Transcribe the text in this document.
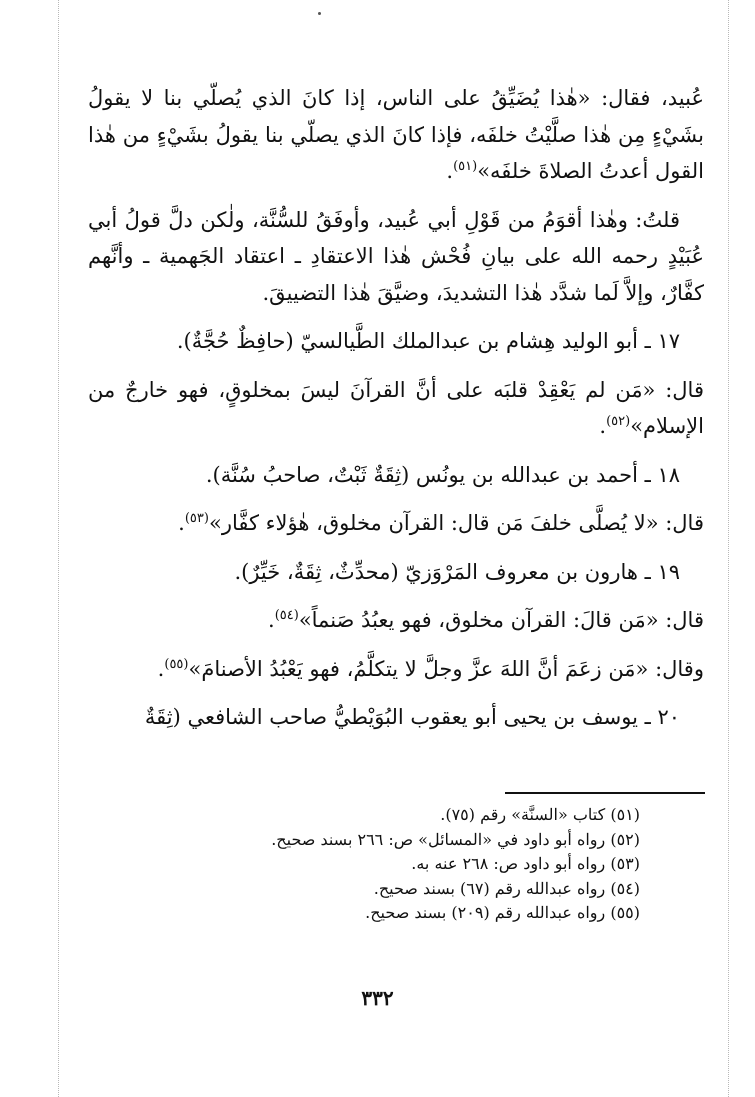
عُبيد، فقال: «هٰذا يُضَيِّقُ على الناس، إذا كانَ الذي يُصلّي بنا لا يقولُ بشَيْءٍ مِن هٰذا صلَّيْتُ خلفَه، فإذا كانَ الذي يصلّي بنا يقولُ بشَيْءٍ من هٰذا القول أعدتُ الصلاةَ خلفَه»$^{(٥١)}$.

قلتُ: وهٰذا أقوَمُ من قَوْلِ أبي عُبيد، وأوفَقُ للسُّنَّة، ولٰكن دلَّ قولُ أبي عُبَيْدٍ رحمه الله على بيانِ فُحْش هٰذا الاعتقادِ ـ اعتقاد الجَهمية ـ وأنَّهم كفَّارٌ، وإلاَّ لَما شدَّد هٰذا التشديدَ، وضيَّقَ هٰذا التضييقَ.

١٧ ـ أبو الوليد هِشام بن عبدالملك الطَّيالسيّ (حافِظٌ حُجَّةٌ).

قال: «مَن لم يَعْقِدْ قلبَه على أنَّ القرآنَ ليسَ بمخلوقٍ، فهو خارجٌ من الإسلام»$^{(٥٢)}$.

١٨ ـ أحمد بن عبدالله بن يونُس (ثِقَةٌ ثَبْتٌ، صاحبُ سُنَّة).

قال: «لا يُصلَّى خلفَ مَن قال: القرآن مخلوق، هٰؤلاء كفَّار»$^{(٥٣)}$.

١٩ ـ هارون بن معروف المَرْوَزيّ (محدِّثٌ، ثِقَةٌ، خَيِّرٌ).

قال: «مَن قالَ: القرآن مخلوق، فهو يعبُدُ صَنماً»$^{(٥٤)}$.

وقال: «مَن زعَمَ أنَّ اللهَ عزَّ وجلَّ لا يتكلَّمُ، فهو يَعْبُدُ الأصنامَ»$^{(٥٥)}$.

٢٠ ـ يوسف بن يحيى أبو يعقوب البُوَيْطيُّ صاحب الشافعي (ثِقَةٌ

(٥١) كتاب «السنَّة» رقم (٧٥).

(٥٢) رواه أبو داود في «المسائل» ص: ٢٦٦ بسند صحيح.

(٥٣) رواه أبو داود ص: ٢٦٨ عنه به.

(٥٤) رواه عبدالله رقم (٦٧) بسند صحيح.

(٥٥) رواه عبدالله رقم (٢٠٩) بسند صحيح.

٣٣٢
